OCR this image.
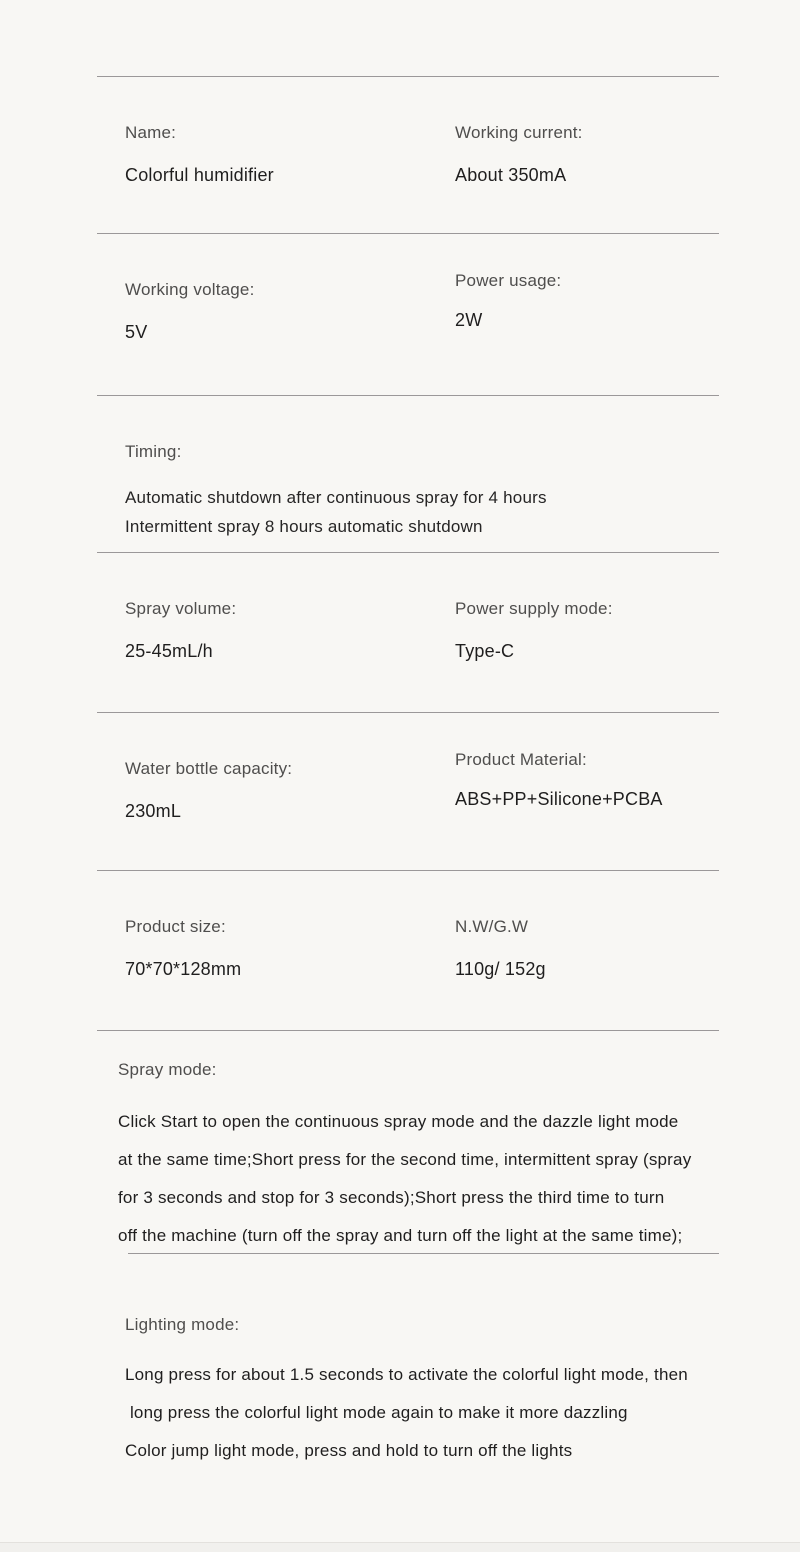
Name:
Colorful humidifier
Working current:
About 350mA
Working voltage:
5V
Power usage:
2W
Timing:
Automatic shutdown after continuous spray for 4 hours
Intermittent spray 8 hours automatic shutdown
Spray volume:
25-45mL/h
Power supply mode:
Type-C
Water bottle capacity:
230mL
Product Material:
ABS+PP+Silicone+PCBA
Product size:
70*70*128mm
N.W/G.W
110g/ 152g
Spray mode:
Click Start to open the continuous spray mode and the dazzle light mode
at the same time;Short press for the second time, intermittent spray (spray
for 3 seconds and stop for 3 seconds);Short press the third time to turn
off the machine (turn off the spray and turn off the light at the same time);
Lighting mode:
Long press for about 1.5 seconds to activate the colorful light mode, then
long press the colorful light mode again to make it more dazzling
Color jump light mode, press and hold to turn off the lights
